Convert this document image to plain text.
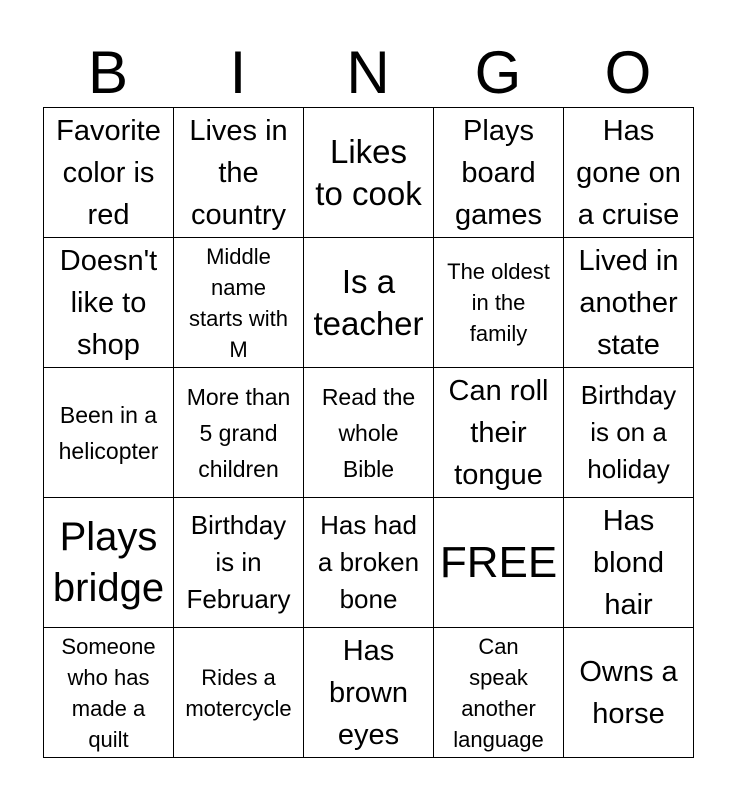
B	I	N	G	O
Favorite
color is
red	Lives in
the
country	Likes
to cook	Plays
board
games	Has
gone on
a cruise

Doesn't
like to
shop	Middle
name
starts with
M	Is a
teacher	The oldest
in the
family	Lived in
another
state

Been in a
helicopter	More than
5 grand
children	Read the
whole
Bible	Can roll
their
tongue	Birthday
is on a
holiday

Plays
bridge	Birthday
is in
February	Has had
a broken
bone	FREE	Has
blond
hair

Someone
who has
made a
quilt	Rides a
motercycle	Has
brown
eyes	Can
speak
another
language	Owns a
horse
